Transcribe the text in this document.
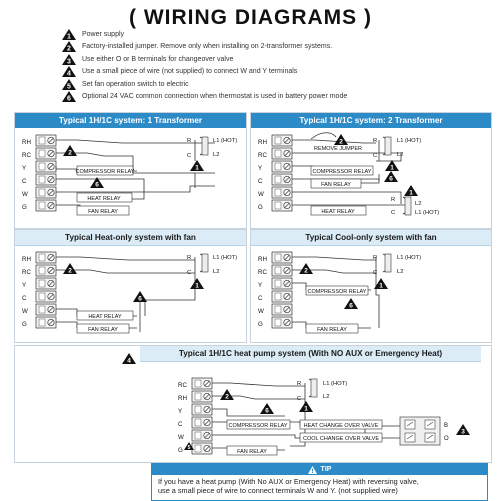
( WIRING DIAGRAMS )
1 Power supply
2 Factory-installed jumper. Remove only when installing on 2-transformer systems.
3 Use either O or B terminals for changeover valve
4 Use a small piece of wire (not supplied) to connect W and Y terminals
5 Set fan operation switch to electric
6 Optional 24 VAC common connection when thermostat is used in battery power mode
Typical 1H/1C system: 1 Transformer
RH
RC
Y
C
W
G
COMPRESSOR RELAY
HEAT RELAY
FAN RELAY
R
C
L1 (HOT)
L2
2
1
6
Typical 1H/1C system: 2 Transformer
RH
RC
Y
C
W
G
COMPRESSOR RELAY
FAN RELAY
HEAT RELAY
REMOVE JUMPER
R
C
L1 (HOT)
L2
R
C
L2
L1 (HOT)
2
1
6
1
Typical Heat-only system with fan
RH
RC
Y
C
W
G
HEAT RELAY
FAN RELAY
R
C
L1 (HOT)
L2
2
1
6
Typical Cool-only system with fan
RH
RC
Y
C
W
G
COMPRESSOR RELAY
FAN RELAY
R
C
L1 (HOT)
L2
2
1
6
4
Typical 1H/1C heat pump system (With NO AUX or Emergency Heat)
RC
RH
Y
C
W
G
COMPRESSOR RELAY
FAN RELAY
HEAT CHANGE OVER VALVE
COOL CHANGE OVER VALVE
R
C
L1 (HOT)
L2
B
O
2
1
6
3
5
TIP
If you have a heat pump (With No AUX or Emergency Heat) with reversing valve,
use a small piece of wire to connect terminals W and Y. (not supplied wire)
